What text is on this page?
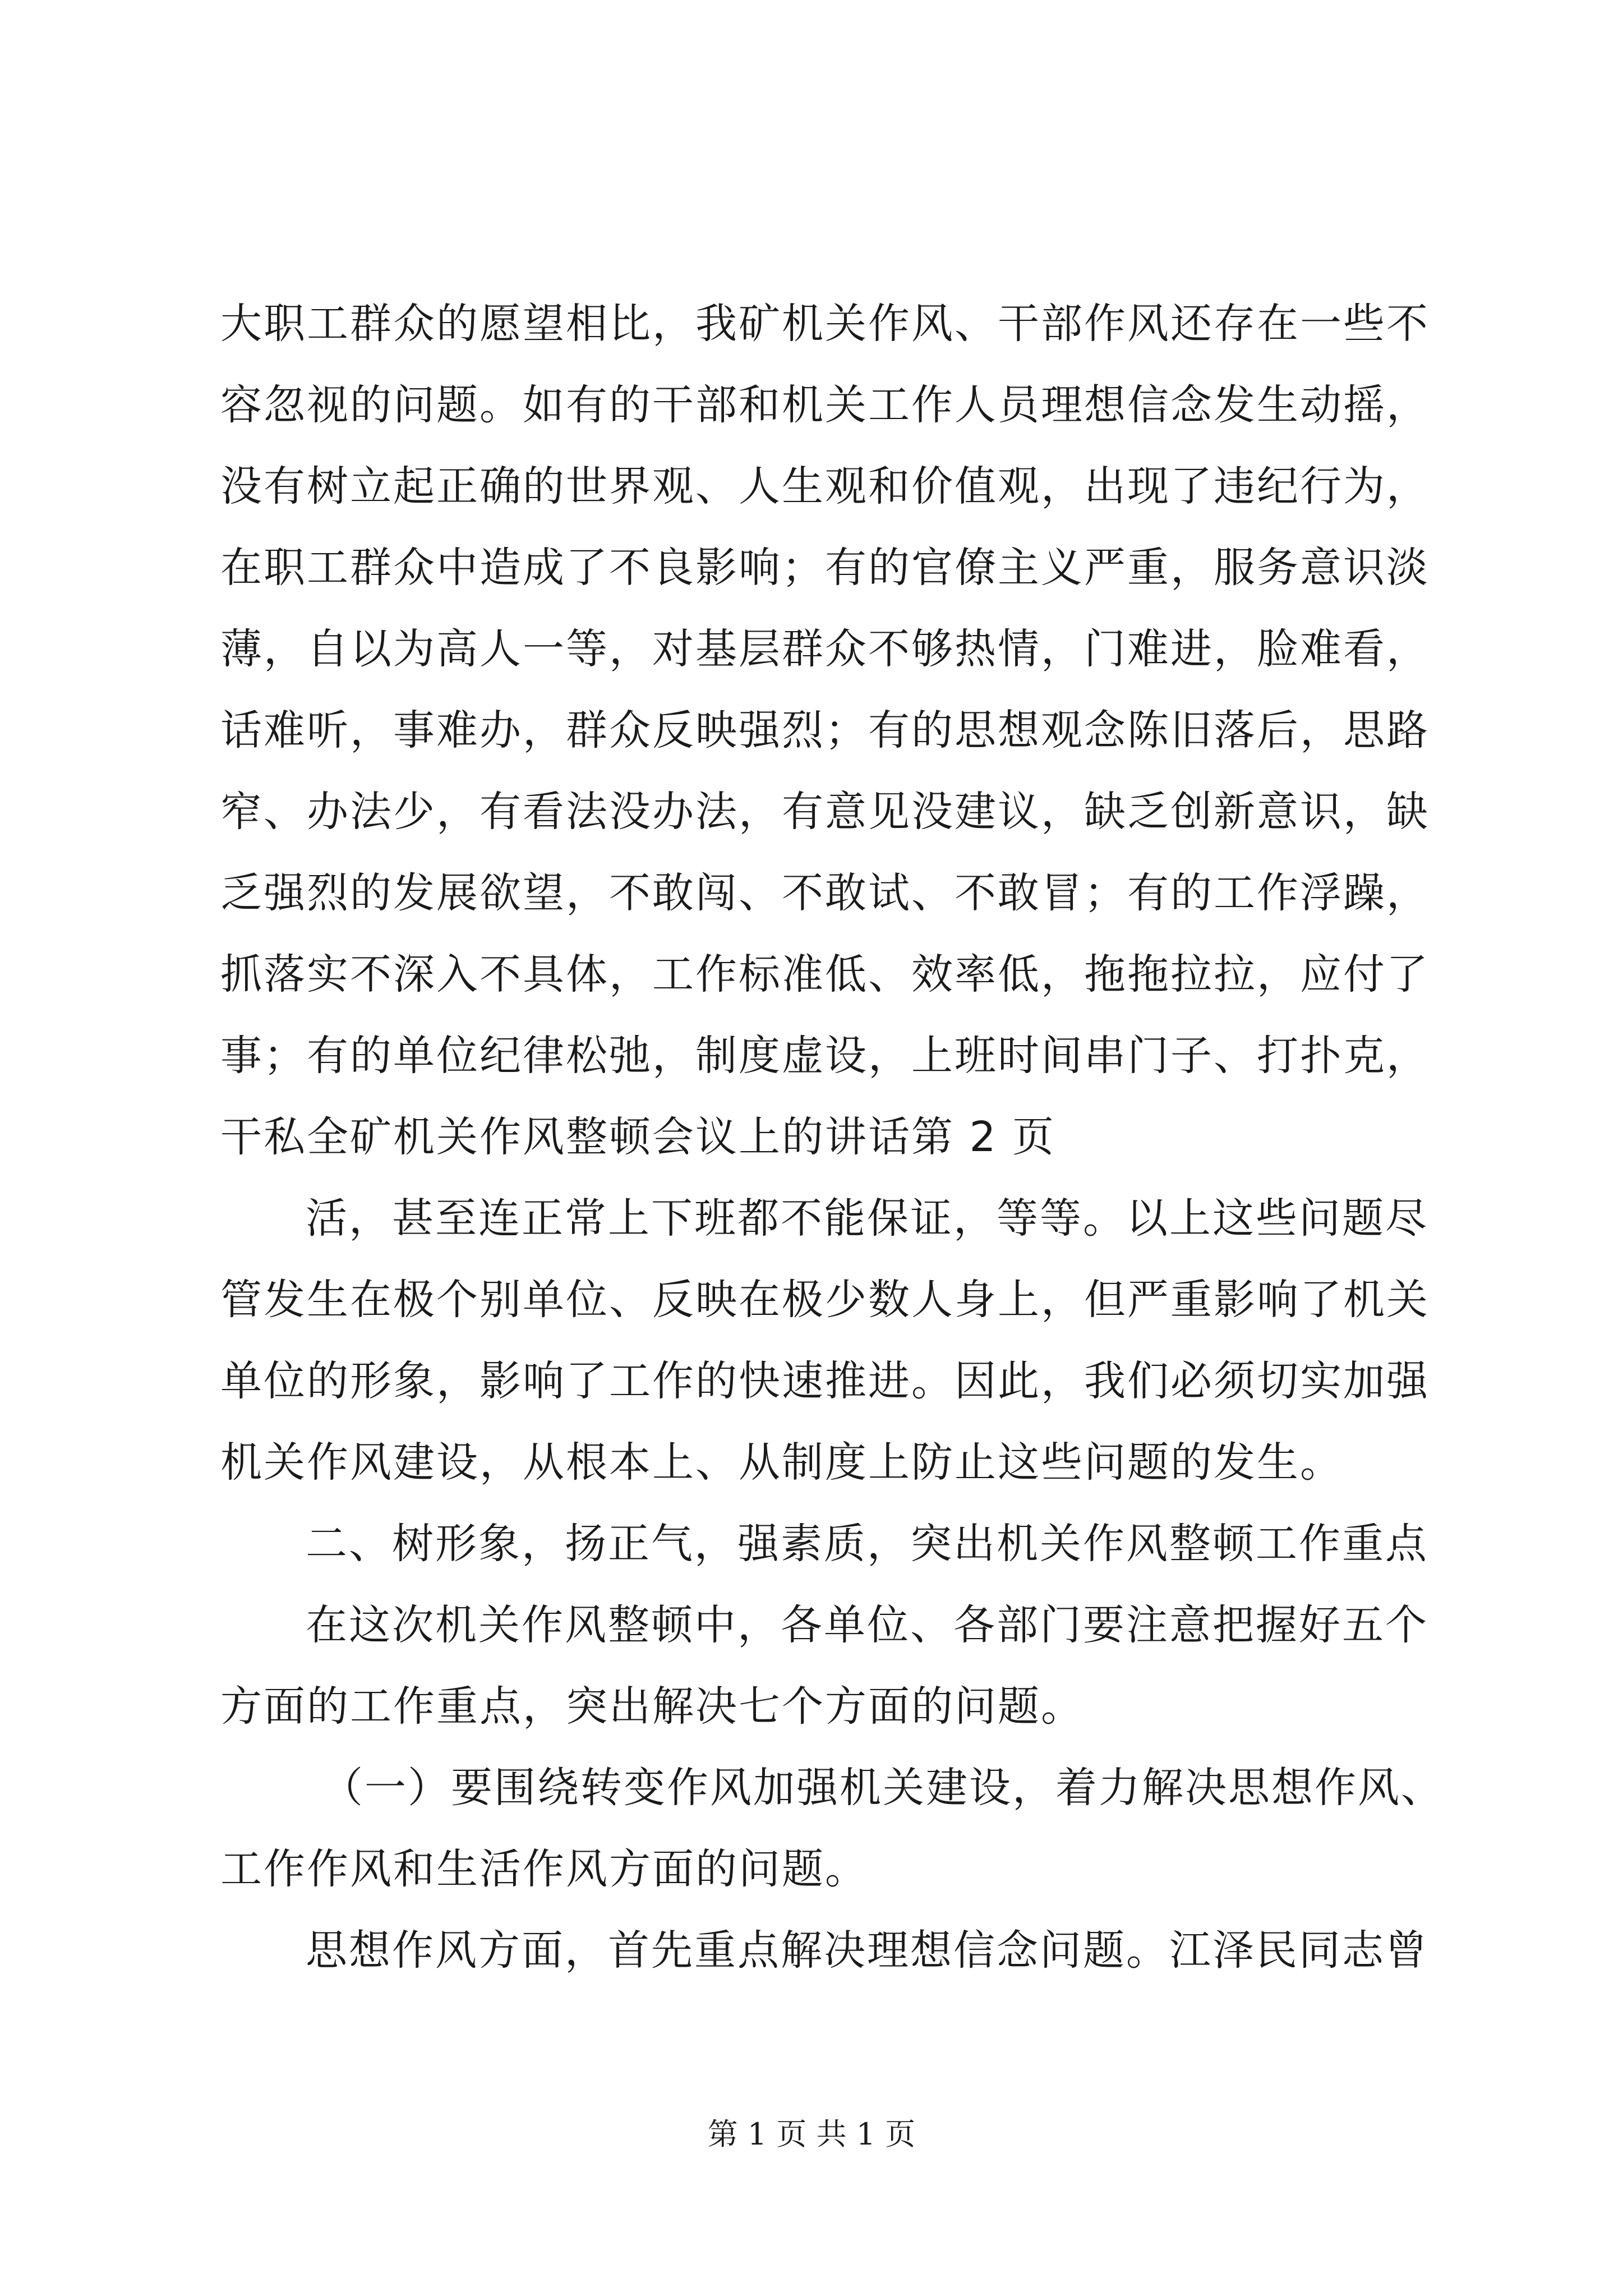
大职工群众的愿望相比，我矿机关作风、干部作风还存在一些不
容忽视的问题。如有的干部和机关工作人员理想信念发生动摇，
没有树立起正确的世界观、人生观和价值观，出现了违纪行为，
在职工群众中造成了不良影响；有的官僚主义严重，服务意识淡
薄，自以为高人一等，对基层群众不够热情，门难进，脸难看，
话难听，事难办，群众反映强烈；有的思想观念陈旧落后，思路
窄、办法少，有看法没办法，有意见没建议，缺乏创新意识，缺
乏强烈的发展欲望，不敢闯、不敢试、不敢冒；有的工作浮躁，
抓落实不深入不具体，工作标准低、效率低，拖拖拉拉，应付了
事；有的单位纪律松弛，制度虚设，上班时间串门子、打扑克，
干私全矿机关作风整顿会议上的讲话第 2 页
活，甚至连正常上下班都不能保证，等等。以上这些问题尽
管发生在极个别单位、反映在极少数人身上，但严重影响了机关
单位的形象，影响了工作的快速推进。因此，我们必须切实加强
机关作风建设，从根本上、从制度上防止这些问题的发生。
二、树形象，扬正气，强素质，突出机关作风整顿工作重点
在这次机关作风整顿中，各单位、各部门要注意把握好五个
方面的工作重点，突出解决七个方面的问题。
（一）要围绕转变作风加强机关建设，着力解决思想作风、
工作作风和生活作风方面的问题。
思想作风方面，首先重点解决理想信念问题。江泽民同志曾
第 1 页 共 1 页
